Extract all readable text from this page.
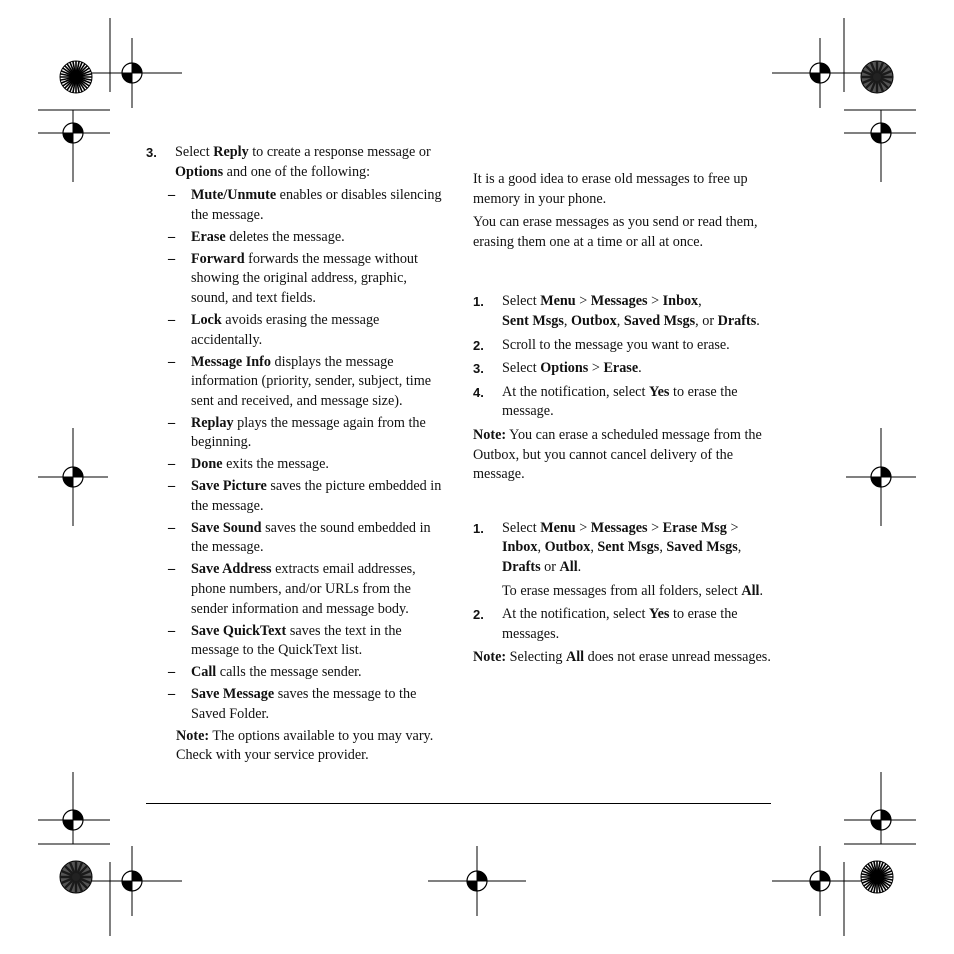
3.	Select Reply to create a response message or Options and one of the following:
–	Mute/Unmute enables or disables silencing the message.
–	Erase deletes the message.
–	Forward forwards the message without showing the original address, graphic, sound, and text fields.
–	Lock avoids erasing the message accidentally.
–	Message Info displays the message information (priority, sender, subject, time sent and received, and message size).
–	Replay plays the message again from the beginning.
–	Done exits the message.
–	Save Picture saves the picture embedded in the message.
–	Save Sound saves the sound embedded in the message.
–	Save Address extracts email addresses, phone numbers, and/or URLs from the sender information and message body.
–	Save QuickText saves the text in the message to the QuickText list.
–	Call calls the message sender.
–	Save Message saves the message to the Saved Folder.

Note: The options available to you may vary. Check with your service provider.

It is a good idea to erase old messages to free up memory in your phone.

You can erase messages as you send or read them, erasing them one at a time or all at once.

1.	Select Menu > Messages > Inbox,
Sent Msgs, Outbox, Saved Msgs, or Drafts.
2.	Scroll to the message you want to erase.
3.	Select Options > Erase.
4.	At the notification, select Yes to erase the message.

Note: You can erase a scheduled message from the Outbox, but you cannot cancel delivery of the message.

1.	Select Menu > Messages > Erase Msg >
Inbox, Outbox, Sent Msgs, Saved Msgs,
Drafts or All.

To erase messages from all folders, select All.

2.	At the notification, select Yes to erase the messages.

Note: Selecting All does not erase unread messages.
